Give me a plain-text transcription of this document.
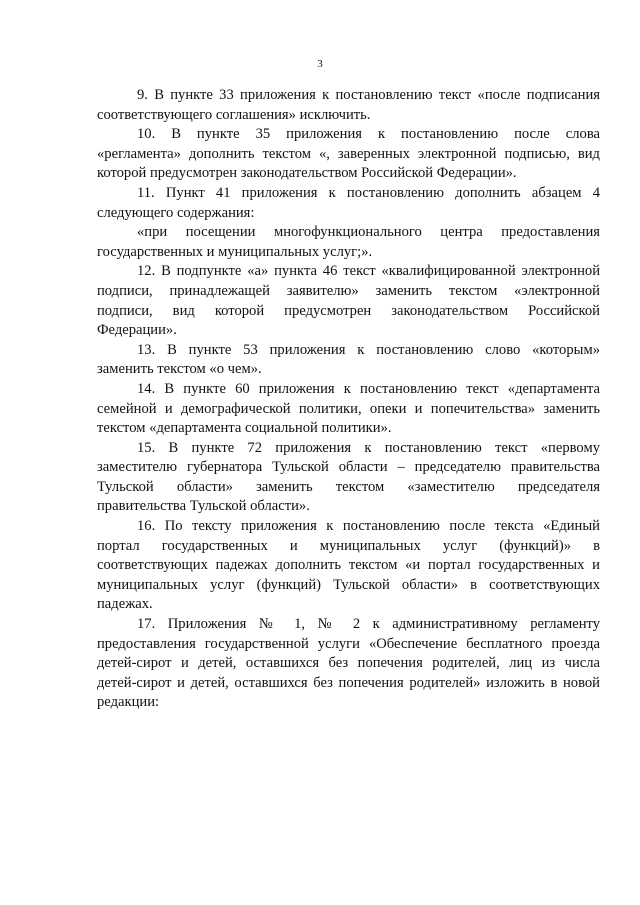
3

9. В пункте 33 приложения к постановлению текст «после подписания
соответствующего соглашения» исключить.

10. В пункте 35 приложения к постановлению после слова
«регламента» дополнить текстом «, заверенных электронной подписью, вид
которой предусмотрен законодательством Российской Федерации».

11. Пункт 41 приложения к постановлению дополнить абзацем 4
следующего содержания:

«при посещении многофункционального центра предоставления
государственных и муниципальных услуг;».

12. В подпункте «а» пункта 46 текст «квалифицированной электронной
подписи, принадлежащей заявителю» заменить текстом «электронной
подписи, вид которой предусмотрен законодательством Российской
Федерации».

13. В пункте 53 приложения к постановлению слово «которым»
заменить текстом «о чем».

14. В пункте 60 приложения к постановлению текст «департамента
семейной и демографической политики, опеки и попечительства» заменить
текстом «департамента социальной политики».

15. В пункте 72 приложения к постановлению текст «первому
заместителю губернатора Тульской области – председателю правительства
Тульской области» заменить текстом «заместителю председателя
правительства Тульской области».

16. По тексту приложения к постановлению после текста «Единый
портал государственных и муниципальных услуг (функций)» в
соответствующих падежах дополнить текстом «и портал государственных и
муниципальных услуг (функций) Тульской области» в соответствующих
падежах.

17. Приложения № 1, № 2 к административному регламенту
предоставления государственной услуги «Обеспечение бесплатного проезда
детей-сирот и детей, оставшихся без попечения родителей, лиц из числа
детей-сирот и детей, оставшихся без попечения родителей» изложить в новой
редакции:
